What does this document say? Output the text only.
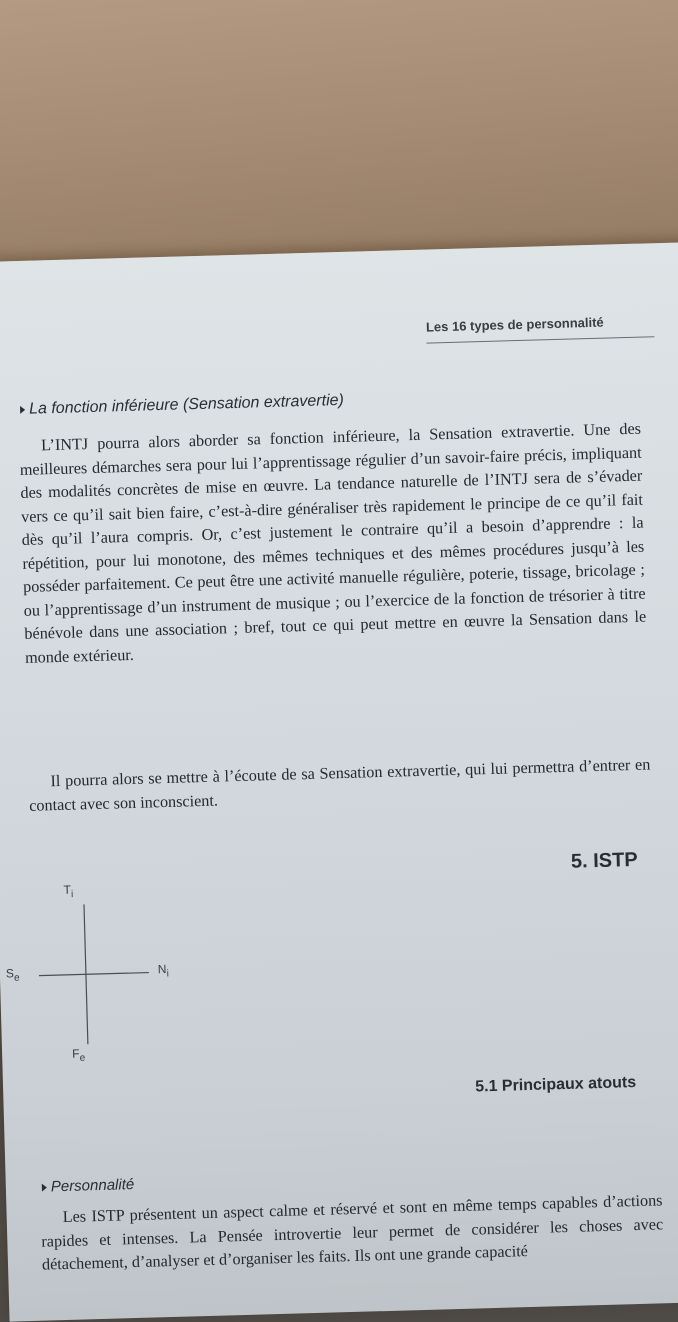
Les 16 types de personnalité
La fonction inférieure (Sensation extravertie)
L’INTJ pourra alors aborder sa fonction inférieure, la Sensation extravertie. Une des meilleures démarches sera pour lui l’apprentissage régulier d’un savoir-faire précis, impliquant des modalités concrètes de mise en œuvre. La tendance naturelle de l’INTJ sera de s’évader vers ce qu’il sait bien faire, c’est-à-dire généraliser très rapidement le principe de ce qu’il fait dès qu’il l’aura compris. Or, c’est justement le contraire qu’il a besoin d’apprendre : la répétition, pour lui monotone, des mêmes techniques et des mêmes procédures jusqu’à les posséder parfaitement. Ce peut être une activité manuelle régulière, poterie, tissage, bricolage ; ou l’apprentissage d’un instrument de musique ; ou l’exercice de la fonction de trésorier à titre bénévole dans une association ; bref, tout ce qui peut mettre en œuvre la Sensation dans le monde extérieur.
Il pourra alors se mettre à l’écoute de sa Sensation extravertie, qui lui permettra d’entrer en contact avec son inconscient.
5. ISTP
$T_i$
$S_e$
$N_i$
$F_e$
5.1 Principaux atouts
Personnalité
Les ISTP présentent un aspect calme et réservé et sont en même temps capables d’actions rapides et intenses. La Pensée introvertie leur permet de considérer les choses avec détachement, d’analyser et d’organiser les faits. Ils ont une grande capacité
